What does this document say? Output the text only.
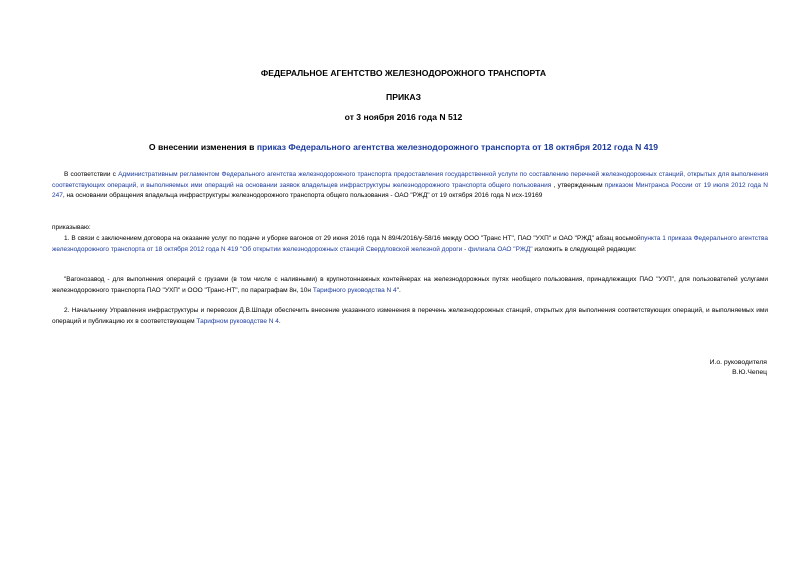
ФЕДЕРАЛЬНОЕ АГЕНТСТВО ЖЕЛЕЗНОДОРОЖНОГО ТРАНСПОРТА
ПРИКАЗ
от 3 ноября 2016 года N 512
О внесении изменения в приказ Федерального агентства железнодорожного транспорта от 18 октября 2012 года N 419
В соответствии с Административным регламентом Федерального агентства железнодорожного транспорта предоставления государственной услуги по составлению перечней железнодорожных станций, открытых для выполнения соответствующих операций, и выполняемых ими операций на основании заявок владельцев инфраструктуры железнодорожного транспорта общего пользования , утвержденным приказом Минтранса России от 19 июля 2012 года N 247, на основании обращения владельца инфраструктуры железнодорожного транспорта общего пользования - ОАО "РЖД" от 19 октября 2016 года N исх-19169
приказываю:
1. В связи с заключением договора на оказание услуг по подаче и уборке вагонов от 29 июня 2016 года N 89/4/2016/у-58/16 между ООО "Транс НТ", ПАО "УХП" и ОАО "РЖД" абзац восьмойпункта 1 приказа Федерального агентства железнодорожного транспорта от 18 октября 2012 года N 419 "Об открытии железнодорожных станций Свердловской железной дороги - филиала ОАО "РЖД" изложить в следующей редакции:
"Вагонозавод - для выполнения операций с грузами (в том числе с наливными) в крупнотоннажных контейнерах на железнодорожных путях необщего пользования, принадлежащих ПАО "УХП", для пользователей услугами железнодорожного транспорта ПАО "УХП" и ООО "Транс-НТ", по параграфам 8н, 10н Тарифного руководства N 4".
2. Начальнику Управления инфраструктуры и перевозок Д.В.Шпади обеспечить внесение указанного изменения в перечень железнодорожных станций, открытых для выполнения соответствующих операций, и выполняемых ими операций и публикацию их в соответствующем Тарифном руководстве N 4.
И.о. руководителя
В.Ю.Чепец
